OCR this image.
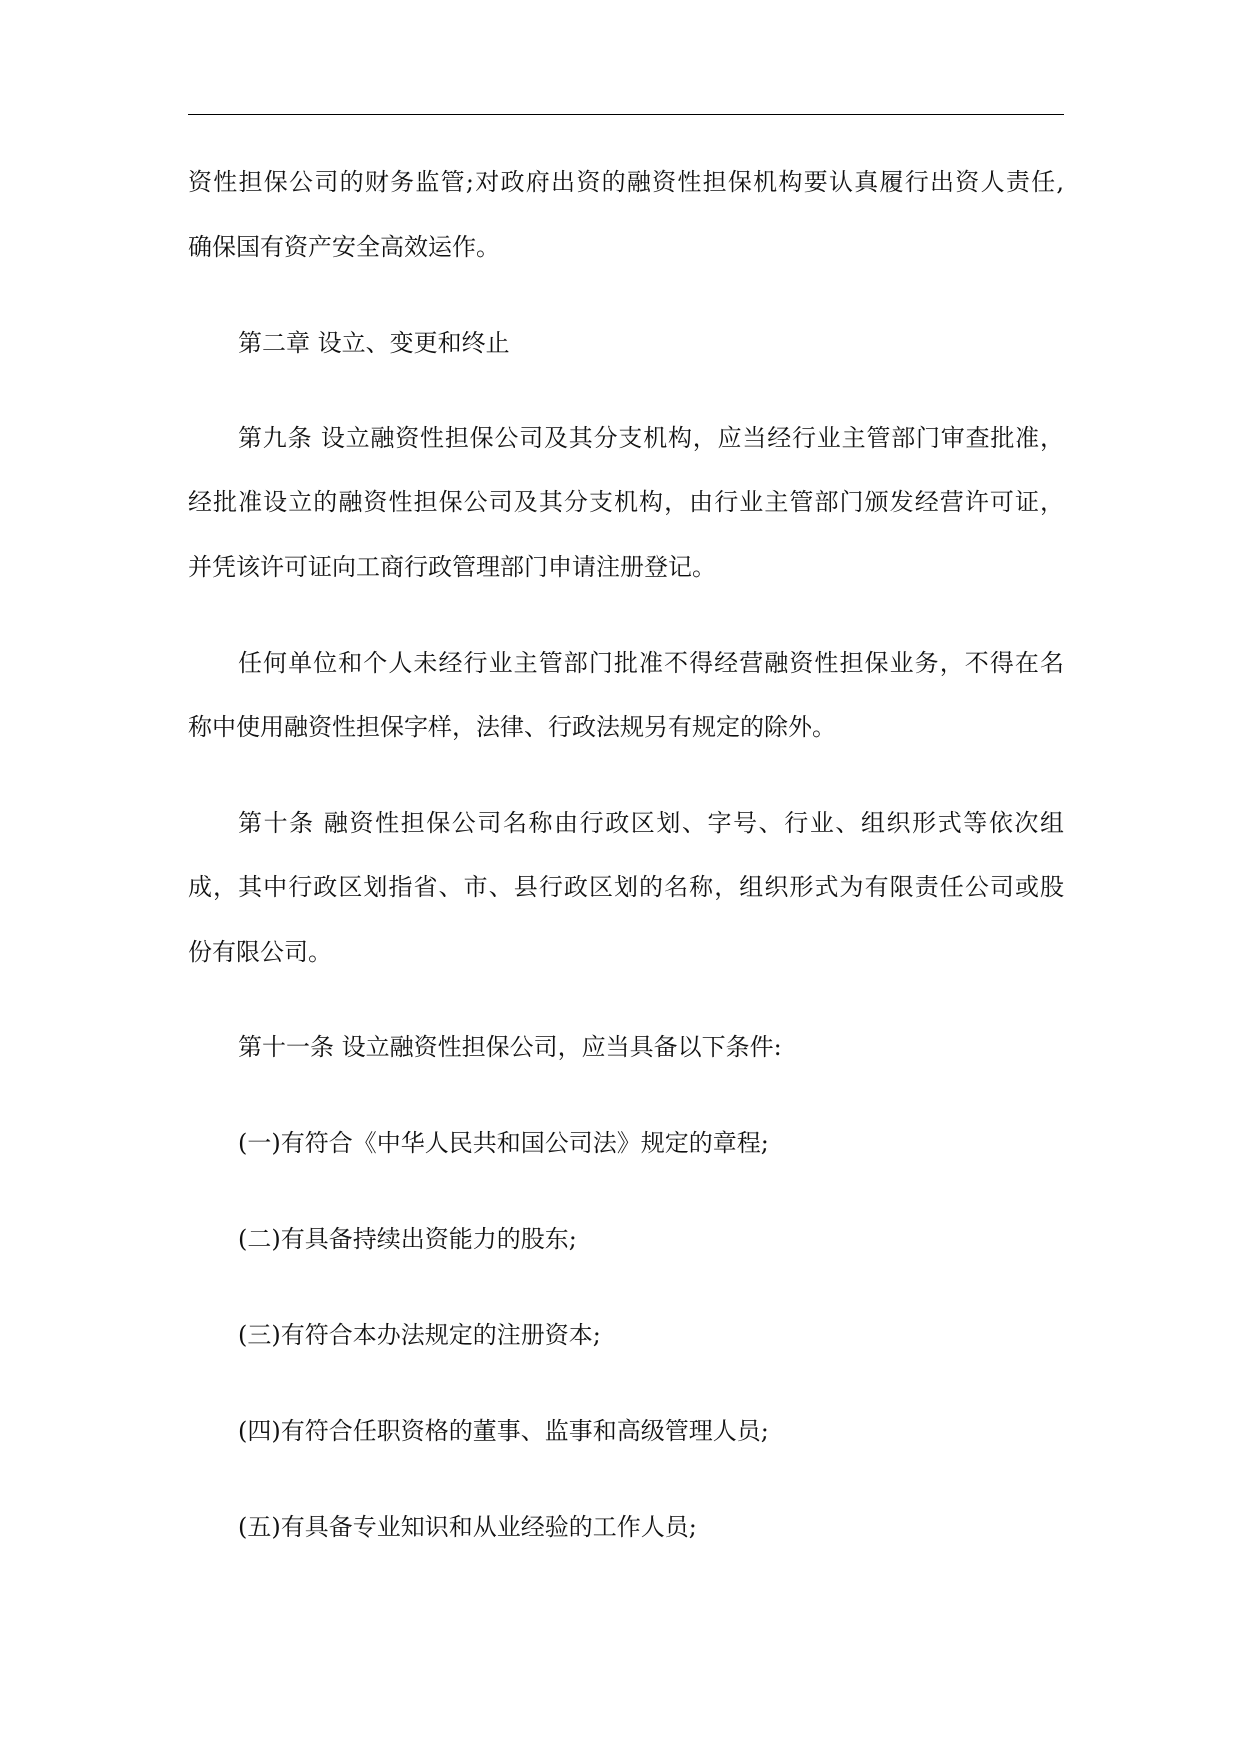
资性担保公司的财务监管;对政府出资的融资性担保机构要认真履行出资人责任,
确保国有资产安全高效运作。
第二章 设立、变更和终止
第九条 设立融资性担保公司及其分支机构，应当经行业主管部门审查批准，
经批准设立的融资性担保公司及其分支机构，由行业主管部门颁发经营许可证，
并凭该许可证向工商行政管理部门申请注册登记。
任何单位和个人未经行业主管部门批准不得经营融资性担保业务，不得在名
称中使用融资性担保字样，法律、行政法规另有规定的除外。
第十条 融资性担保公司名称由行政区划、字号、行业、组织形式等依次组
成，其中行政区划指省、市、县行政区划的名称，组织形式为有限责任公司或股
份有限公司。
第十一条 设立融资性担保公司，应当具备以下条件:
(一)有符合《中华人民共和国公司法》规定的章程;
(二)有具备持续出资能力的股东;
(三)有符合本办法规定的注册资本;
(四)有符合任职资格的董事、监事和高级管理人员;
(五)有具备专业知识和从业经验的工作人员;
